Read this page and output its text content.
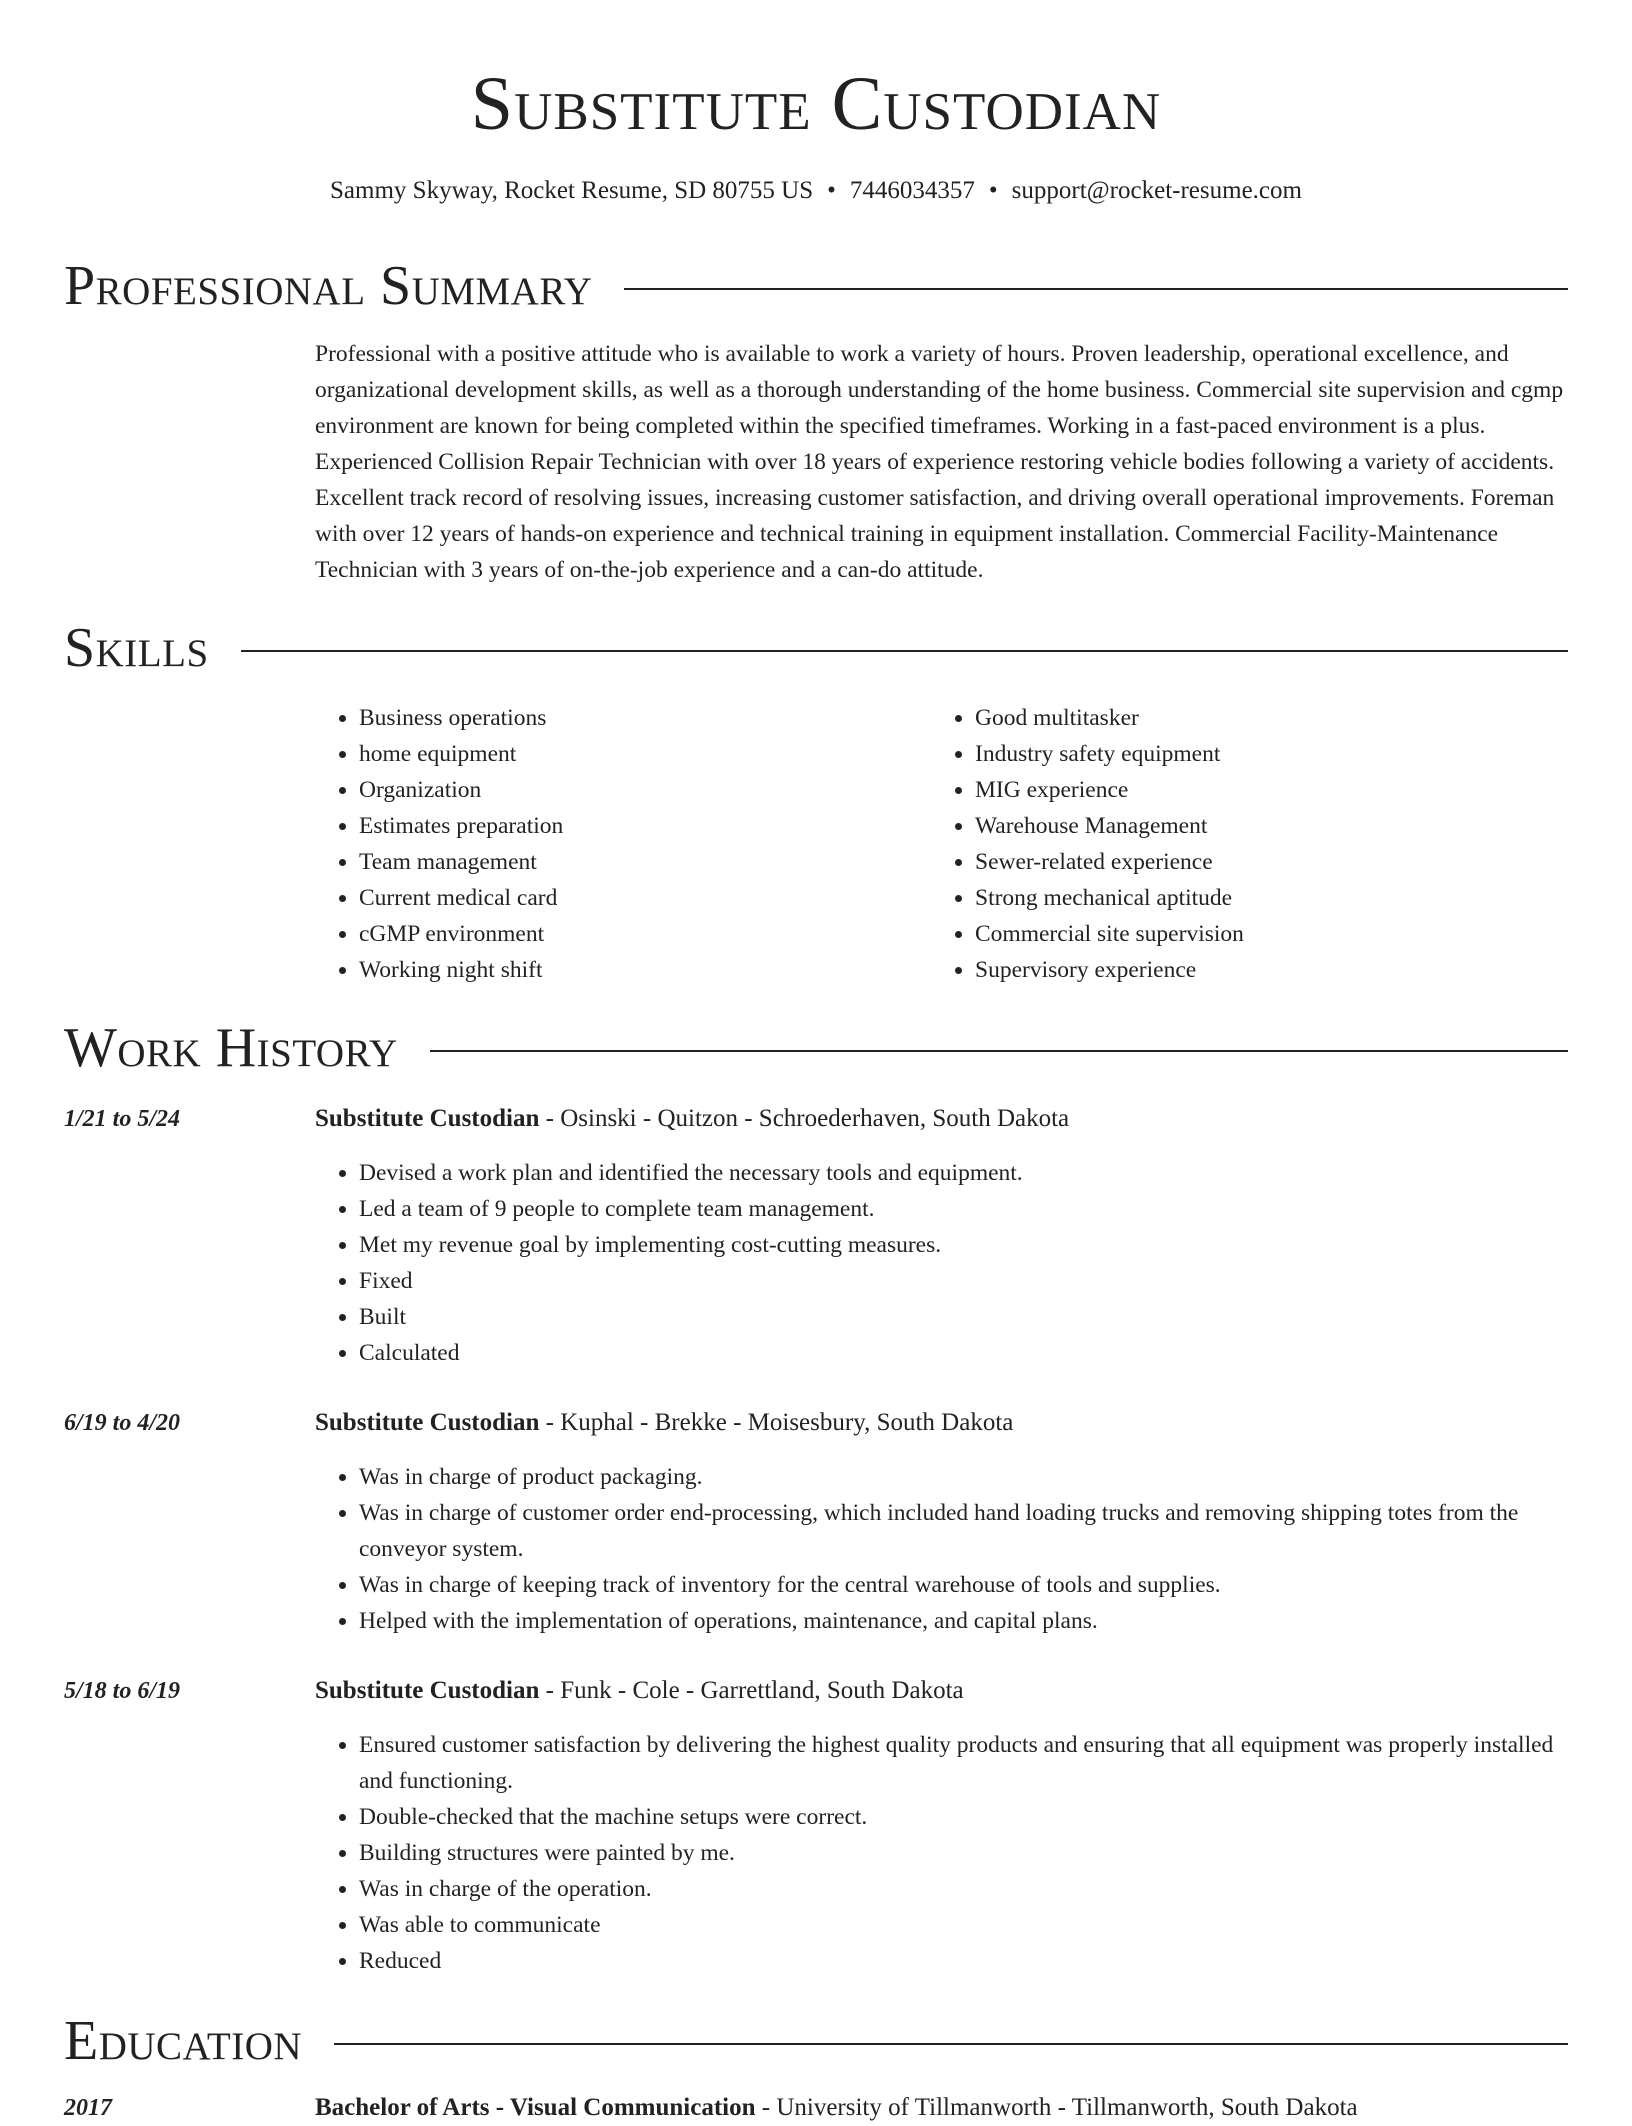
Substitute Custodian
Sammy Skyway, Rocket Resume, SD 80755 US • 7446034357 • support@rocket-resume.com
Professional Summary

Professional with a positive attitude who is available to work a variety of hours. Proven leadership, operational excellence, and organizational development skills, as well as a thorough understanding of the home business. Commercial site supervision and cgmp environment are known for being completed within the specified timeframes. Working in a fast-paced environment is a plus. Experienced Collision Repair Technician with over 18 years of experience restoring vehicle bodies following a variety of accidents. Excellent track record of resolving issues, increasing customer satisfaction, and driving overall operational improvements. Foreman with over 12 years of hands-on experience and technical training in equipment installation. Commercial Facility-Maintenance Technician with 3 years of on-the-job experience and a can-do attitude.

Skills
• Business operations
• home equipment
• Organization
• Estimates preparation
• Team management
• Current medical card
• cGMP environment
• Working night shift
• Good multitasker
• Industry safety equipment
• MIG experience
• Warehouse Management
• Sewer-related experience
• Strong mechanical aptitude
• Commercial site supervision
• Supervisory experience
Work History
1/21 to 5/24	Substitute Custodian - Osinski - Quitzon - Schroederhaven, South Dakota
• Devised a work plan and identified the necessary tools and equipment.
• Led a team of 9 people to complete team management.
• Met my revenue goal by implementing cost-cutting measures.
• Fixed
• Built
• Calculated
6/19 to 4/20	Substitute Custodian - Kuphal - Brekke - Moisesbury, South Dakota
• Was in charge of product packaging.
• Was in charge of customer order end-processing, which included hand loading trucks and removing shipping totes from the conveyor system.
• Was in charge of keeping track of inventory for the central warehouse of tools and supplies.
• Helped with the implementation of operations, maintenance, and capital plans.
5/18 to 6/19	Substitute Custodian - Funk - Cole - Garrettland, South Dakota
• Ensured customer satisfaction by delivering the highest quality products and ensuring that all equipment was properly installed and functioning.
• Double-checked that the machine setups were correct.
• Building structures were painted by me.
• Was in charge of the operation.
• Was able to communicate
• Reduced
Education
2017	Bachelor of Arts - Visual Communication - University of Tillmanworth - Tillmanworth, South Dakota
